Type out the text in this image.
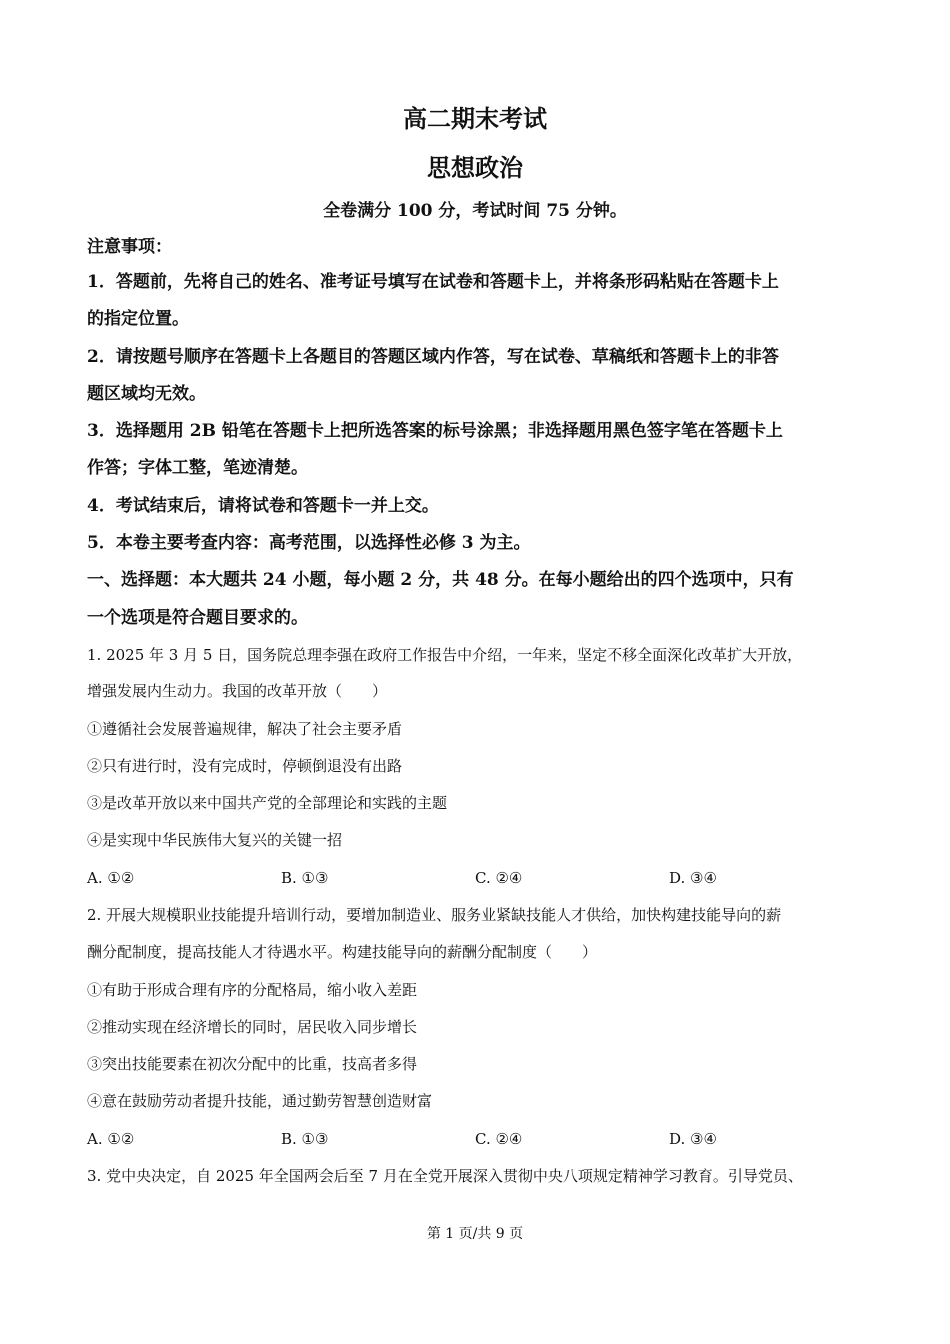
高二期末考试
思想政治
全卷满分 100 分，考试时间 75 分钟。
注意事项：
1．答题前，先将自己的姓名、准考证号填写在试卷和答题卡上，并将条形码粘贴在答题卡上
的指定位置。
2．请按题号顺序在答题卡上各题目的答题区域内作答，写在试卷、草稿纸和答题卡上的非答
题区域均无效。
3．选择题用 2B 铅笔在答题卡上把所选答案的标号涂黑；非选择题用黑色签字笔在答题卡上
作答；字体工整，笔迹清楚。
4．考试结束后，请将试卷和答题卡一并上交。
5．本卷主要考查内容：高考范围，以选择性必修 3 为主。
一、选择题：本大题共 24 小题，每小题 2 分，共 48 分。在每小题给出的四个选项中，只有
一个选项是符合题目要求的。
1. 2025 年 3 月 5 日，国务院总理李强在政府工作报告中介绍，一年来，坚定不移全面深化改革扩大开放，
增强发展内生动力。我国的改革开放（　　）
①遵循社会发展普遍规律，解决了社会主要矛盾
②只有进行时，没有完成时，停顿倒退没有出路
③是改革开放以来中国共产党的全部理论和实践的主题
④是实现中华民族伟大复兴的关键一招
A. ①②	B. ①③	C. ②④	D. ③④
2. 开展大规模职业技能提升培训行动，要增加制造业、服务业紧缺技能人才供给，加快构建技能导向的薪
酬分配制度，提高技能人才待遇水平。构建技能导向的薪酬分配制度（　　）
①有助于形成合理有序的分配格局，缩小收入差距
②推动实现在经济增长的同时，居民收入同步增长
③突出技能要素在初次分配中的比重，技高者多得
④意在鼓励劳动者提升技能，通过勤劳智慧创造财富
A. ①②	B. ①③	C. ②④	D. ③④
3. 党中央决定，自 2025 年全国两会后至 7 月在全党开展深入贯彻中央八项规定精神学习教育。引导党员、
第 1 页/共 9 页
